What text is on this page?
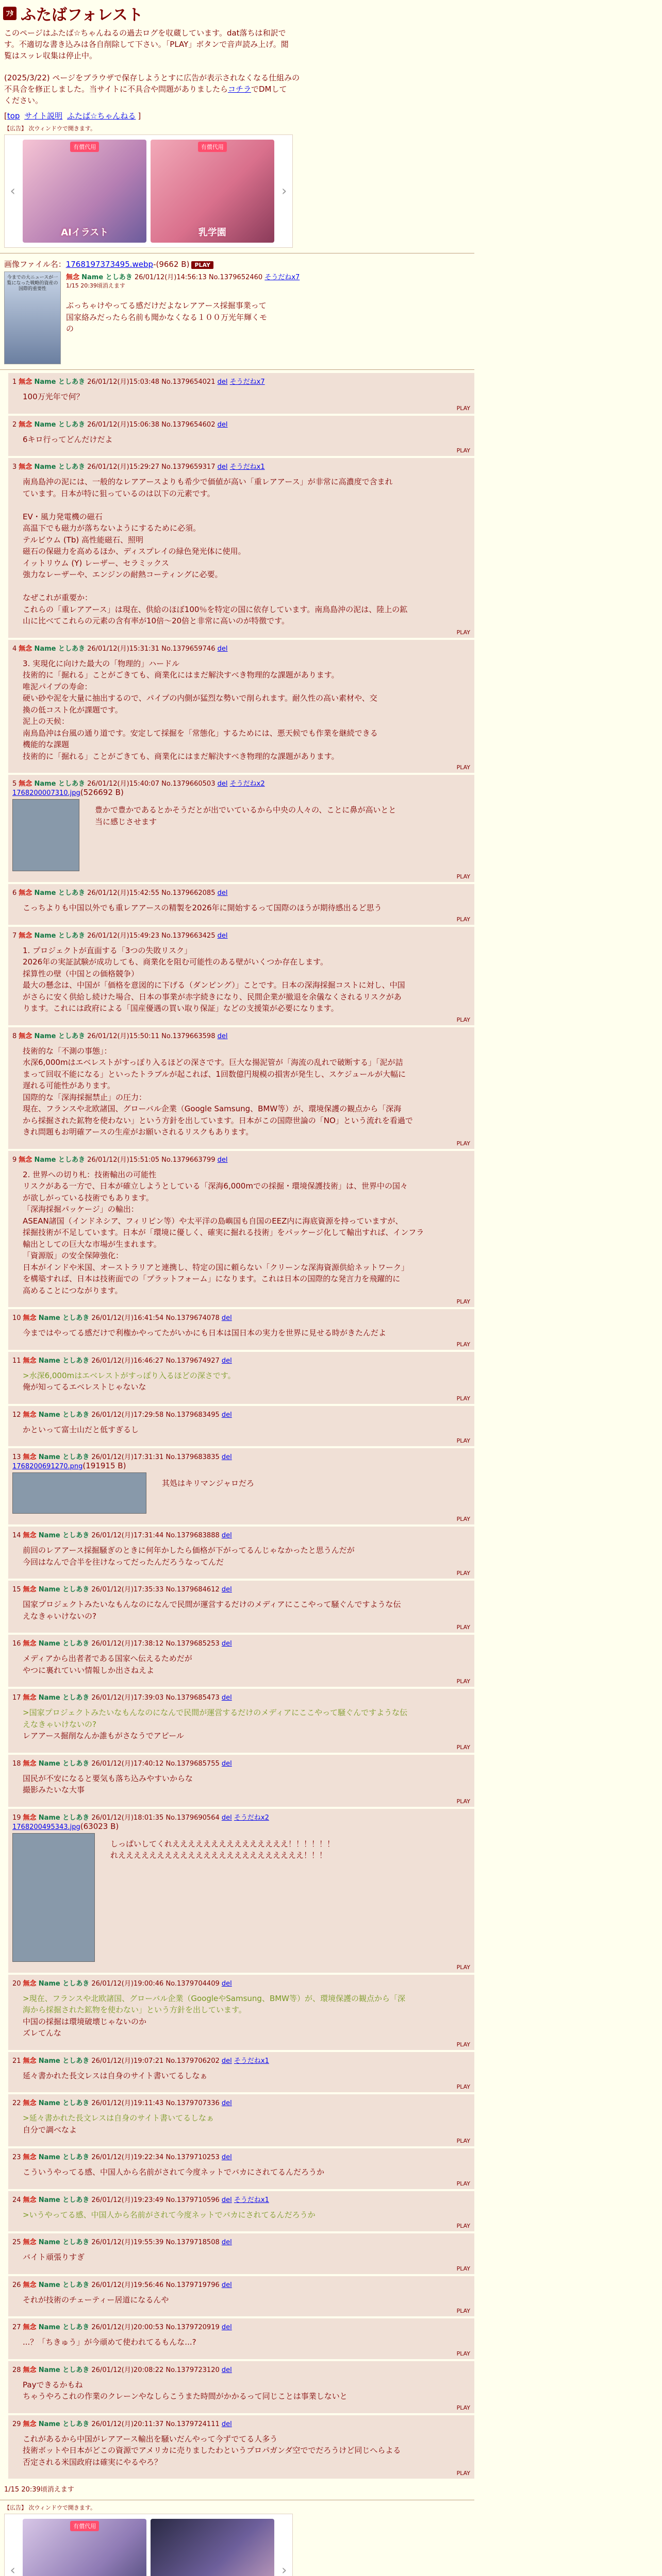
ﾌﾀ ふたばフォレスト
このページはふたば☆ちゃんねるの過去ログを収蔵しています。dat落ちは和訳で
す。不適切な書き込みは各自削除して下さい。「PLAY」ボタンで音声読み上げ。閲
覧はスッレ収集は停止中。

(2025/3/22) ページをブラウザで保存しようとすに広告が表示されなくなる仕組みの
不具合を修正しました。当サイトに不具合や問題がありましたらコチラでDMして
ください。
[top サイト説明 ふたば☆ちゃんねる ]
【広告】 次ウィンドウで開きます。
‹
有償代用
AIイラスト
有償代用
乳学園
›
画像ファイル名：1768197373495.webp-(9662 B) PLAY
今までの大ニュースが一覧になった戦略的資産の国際的重要性
無念 Name としあき 26/01/12(月)14:56:13 No.1379652460 そうだねx7
1/15 20:39頃消えます
ぶっちゃけやってる感だけだよなレアアース採掘事業って
国家絡みだったら名前も聞かなくなる１００万光年輝くモ
の
1 無念 Name としあき 26/01/12(月)15:03:48 No.1379654021 del そうだねx7
100万光年で何？
PLAY
2 無念 Name としあき 26/01/12(月)15:06:38 No.1379654602 del
6キロ行ってどんだけだよ
PLAY
3 無念 Name としあき 26/01/12(月)15:29:27 No.1379659317 del そうだねx1
南鳥島沖の泥には、一般的なレアアースよりも希少で価値が高い「重レアアース」が非常に高濃度で含まれ
ています。日本が特に狙っているのは以下の元素です。

EV・風力発電機の磁石
高温下でも磁力が落ちないようにするために必須。
テルビウム (Tb) 高性能磁石、照明
磁石の保磁力を高めるほか、ディスプレイの緑色発光体に使用。
イットリウム (Y) レーザー、セラミックス
強力なレーザーや、エンジンの耐熱コーティングに必要。

なぜこれが重要か：
これらの「重レアアース」は現在、供給のほぼ100％を特定の国に依存しています。南鳥島沖の泥は、陸上の鉱
山に比べてこれらの元素の含有率が10倍〜20倍と非常に高いのが特徴です。
PLAY
4 無念 Name としあき 26/01/12(月)15:31:31 No.1379659746 del
3. 実現化に向けた最大の「物理的」ハードル
技術的に「掘れる」ことがごきても、商業化にはまだ解決すべき物理的な課題があります。
唯泥パイプの寿命：
硬い砂や泥を大量に抽出するので、パイプの内側が猛烈な勢いで削られます。耐久性の高い素材や、交
換の低コスト化が課題です。
泥上の天候：
南鳥島沖は台風の通り道です。安定して採掘を「常態化」するためには、悪天候でも作業を継続できる
機能的な課題
技術的に「掘れる」ことがごきても、商業化にはまだ解決すべき物理的な課題があります。
PLAY
5 無念 Name としあき 26/01/12(月)15:40:07 No.1379660503 del そうだねx2
1768200007310.jpg(526692 B)
豊かで豊かであるとかそうだとが出でいているから中央の人々の、ことに鼻が高いとと
当に感じさせます
PLAY
6 無念 Name としあき 26/01/12(月)15:42:55 No.1379662085 del
こっちよりも中国以外でも重レアアースの精製を2026年に開始するって国際のほうが期待感出るど思う
PLAY
7 無念 Name としあき 26/01/12(月)15:49:23 No.1379663425 del
1. プロジェクトが直面する「3つの失敗リスク」
2026年の実証試験が成功しても、商業化を阻む可能性のある壁がいくつか存在します。
採算性の壁（中国との価格競争）
最大の懸念は、中国が「価格を意図的に下げる（ダンピング）」ことです。日本の深海採掘コストに対し、中国
がさらに安く供給し続けた場合、日本の事業が赤字続きになり、民間企業が撤退を余儀なくされるリスクがあ
ります。これには政府による「国産優遇の買い取り保証」などの支援策が必要になります。
PLAY
8 無念 Name としあき 26/01/12(月)15:50:11 No.1379663598 del
技術的な「不測の事態」：
水深6,000mはエベレストがすっぽり入るほどの深さです。巨大な揚泥管が「海流の乱れで破断する」「泥が詰
まって回収不能になる」といったトラブルが起これば、1回数億円規模の損害が発生し、スケジュールが大幅に
遅れる可能性があります。
国際的な「深海採掘禁止」の圧力：
現在、フランスや北欧諸国、グローバル企業（Google Samsung、BMW等）が、環境保護の観点から「深海
から採掘された鉱物を使わない」という方針を出しています。日本がこの国際世論の「NO」という流れを看過で
きれ問題もお明確アースの生産がお願いされるリスクもあります。
PLAY
9 無念 Name としあき 26/01/12(月)15:51:05 No.1379663799 del
2. 世界への切り札：技術輸出の可能性
リスクがある一方で、日本が確立しようとしている「深海6,000mでの採掘・環境保護技術」は、世界中の国々
が欲しがっている技術でもあります。
「深海採掘パッケージ」の輸出：
ASEAN諸国（インドネシア、フィリピン等）や太平洋の島嶼国も自国のEEZ内に海底資源を持っていますが、
採掘技術が不足しています。日本が「環境に優しく、確実に掘れる技術」をパッケージ化して輸出すれば、インフラ
輸出としての巨大な市場が生まれます。
「資源版」の安全保障強化：
日本がインドや米国、オーストラリアと連携し、特定の国に頼らない「クリーンな深海資源供給ネットワーク」
を構築すれば、日本は技術面での「プラットフォーム」になります。これは日本の国際的な発言力を飛躍的に
高めることにつながります。
PLAY
10 無念 Name としあき 26/01/12(月)16:41:54 No.1379674078 del
今まではやってる感だけで利権かやってたがいかにも日本は国日本の実力を世界に見せる時がきたんだよ
PLAY
11 無念 Name としあき 26/01/12(月)16:46:27 No.1379674927 del
>水深6,000mはエベレストがすっぽり入るほどの深さです。
俺が知ってるエベレストじゃないな
PLAY
12 無念 Name としあき 26/01/12(月)17:29:58 No.1379683495 del
かといって富士山だと低すぎるし
PLAY
13 無念 Name としあき 26/01/12(月)17:31:31 No.1379683835 del
1768200691270.png(191915 B)
其処はキリマンジャロだろ
PLAY
14 無念 Name としあき 26/01/12(月)17:31:44 No.1379683888 del
前回のレアアース採掘騒ぎのときに何年かしたら価格が下がってるんじゃなかったと思うんだが
今回はなんで合半を往けなってだったんだろうなってんだ
PLAY
15 無念 Name としあき 26/01/12(月)17:35:33 No.1379684612 del
国家プロジェクトみたいなもんなのになんで民間が運営するだけのメディアにここやって騒ぐんですような伝
えなきゃいけないの?
PLAY
16 無念 Name としあき 26/01/12(月)17:38:12 No.1379685253 del
メディアから出者者である国家へ伝えるためだが
やつに裏れていい情報しか出さねえよ
PLAY
17 無念 Name としあき 26/01/12(月)17:39:03 No.1379685473 del
>国家プロジェクトみたいなもんなのになんで民間が運営するだけのメディアにここやって騒ぐんですような伝
えなきゃいけないの?
レアアース掘削なんか誰もがさなうでアピール
PLAY
18 無念 Name としあき 26/01/12(月)17:40:12 No.1379685755 del
国民が不安になると要気も落ち込みやすいからな
撮影みたいな大事
PLAY
19 無念 Name としあき 26/01/12(月)18:01:35 No.1379690564 del そうだねx2
1768200495343.jpg(63023 B)
しっぱいしてくれえええええええええええええええ！！！！！！
れええええええええええええええええええええええええ！！！
PLAY
20 無念 Name としあき 26/01/12(月)19:00:46 No.1379704409 del
>現在、フランスや北欧諸国、グローバル企業（GoogleやSamsung、BMW等）が、環境保護の観点から「深
海から採掘された鉱物を使わない」という方針を出しています。
中国の採掘は環境破壊じゃないのか
ズレてんな
PLAY
21 無念 Name としあき 26/01/12(月)19:07:21 No.1379706202 del そうだねx1
延々書かれた長文レスは自身のサイト書いてるしなぁ
PLAY
22 無念 Name としあき 26/01/12(月)19:11:43 No.1379707336 del
>延々書かれた長文レスは自身のサイト書いてるしなぁ
自分で調べなよ
PLAY
23 無念 Name としあき 26/01/12(月)19:22:34 No.1379710253 del
こういうやってる感、中国人から名前がされて今度ネットでバカにされてるんだろうか
PLAY
24 無念 Name としあき 26/01/12(月)19:23:49 No.1379710596 del そうだねx1
>いうやってる感、中国人から名前がされて今度ネットでバカにされてるんだろうか
PLAY
25 無念 Name としあき 26/01/12(月)19:55:39 No.1379718508 del
バイト頑張りすぎ
PLAY
26 無念 Name としあき 26/01/12(月)19:56:46 No.1379719796 del
それが技術のチェーティー居道になるんや
PLAY
27 無念 Name としあき 26/01/12(月)20:00:53 No.1379720919 del
...？「ちきゅう」が今頑めて使われてるもんな...?
PLAY
28 無念 Name としあき 26/01/12(月)20:08:22 No.1379723120 del
Payできるかもね
ちゃうやろこれの作業のクレーンやなしらこうまた時間がかかるって同じことは事業しないと
PLAY
29 無念 Name としあき 26/01/12(月)20:11:37 No.1379724111 del
これがあるから中国がレアアース輸出を騒いだんやって今ずでてる人多う
技術ボットや日本がどこの資源でアメリカに売りましたわというプロパガンダ空ででだろうけど同じへらよる
否定される米国政府は確実にやるやろ？
PLAY
1/15 20:39頃消えます
【広告】 次ウィンドウで開きます。
‹
有償代用
›
